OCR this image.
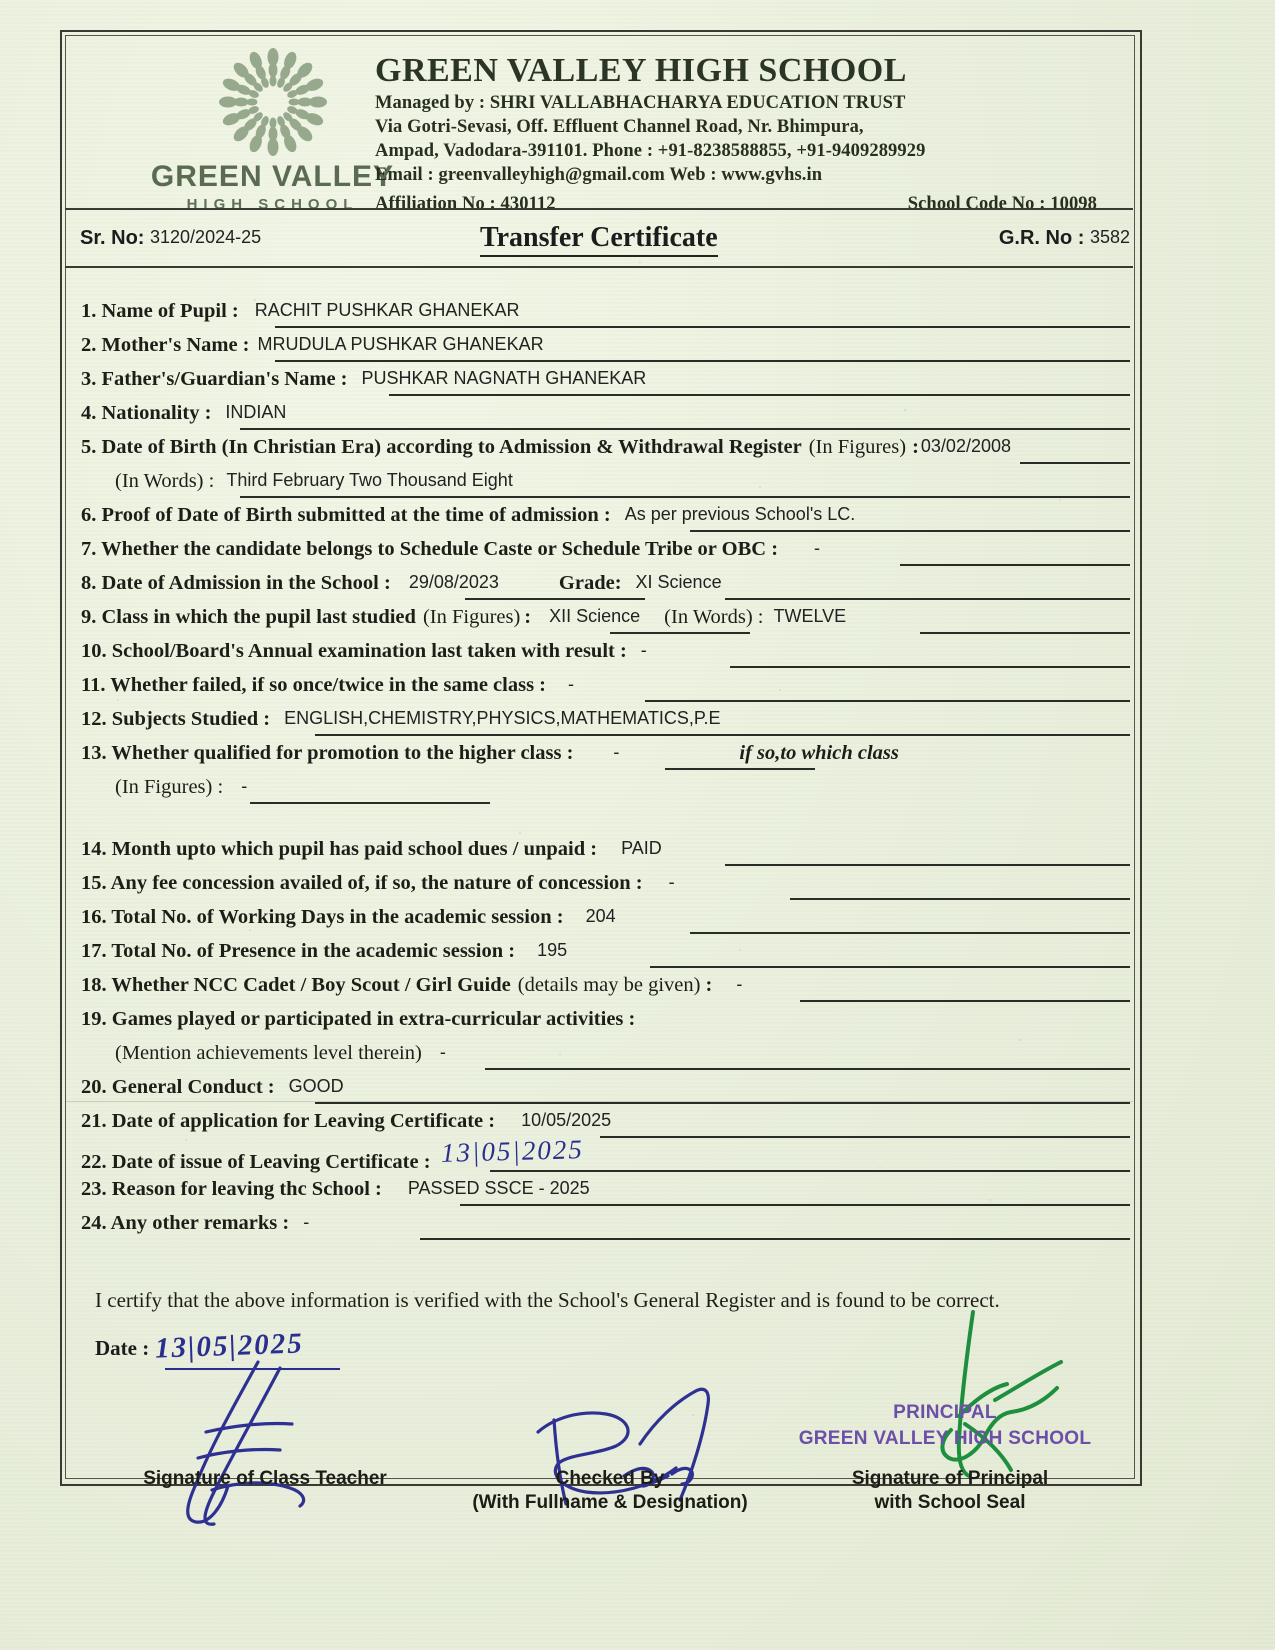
GREEN VALLEY
HIGH SCHOOL
GREEN VALLEY HIGH SCHOOL
Managed by : SHRI VALLABHACHARYA EDUCATION TRUST
Via Gotri-Sevasi, Off. Effluent Channel Road, Nr. Bhimpura,
Ampad, Vadodara-391101. Phone : +91-8238588855, +91-9409289929
Email : greenvalleyhigh@gmail.com Web : www.gvhs.in
Affiliation No : 430112	School Code No : 10098
Sr. No: 3120/2024-25	Transfer Certificate	G.R. No : 3582
1. Name of Pupil : RACHIT PUSHKAR GHANEKAR
2. Mother's Name : MRUDULA PUSHKAR GHANEKAR
3. Father's/Guardian's Name : PUSHKAR NAGNATH GHANEKAR
4. Nationality : INDIAN
5. Date of Birth (In Christian Era) according to Admission & Withdrawal Register (In Figures) : 03/02/2008
(In Words) : Third February Two Thousand Eight
6. Proof of Date of Birth submitted at the time of admission : As per previous School's LC.
7. Whether the candidate belongs to Schedule Caste or Schedule Tribe or OBC : -
8. Date of Admission in the School : 29/08/2023	Grade: XI Science
9. Class in which the pupil last studied (In Figures) : XII Science (In Words) : TWELVE
10. School/Board's Annual examination last taken with result : -
11. Whether failed, if so once/twice in the same class : -
12. Subjects Studied : ENGLISH,CHEMISTRY,PHYSICS,MATHEMATICS,P.E
13. Whether qualified for promotion to the higher class : -	if so,to which class
(In Figures) : -
14. Month upto which pupil has paid school dues / unpaid : PAID
15. Any fee concession availed of, if so, the nature of concession : -
16. Total No. of Working Days in the academic session : 204
17. Total No. of Presence in the academic session : 195
18. Whether NCC Cadet / Boy Scout / Girl Guide (details may be given) : -
19. Games played or participated in extra-curricular activities :
(Mention achievements level therein) -
20. General Conduct : GOOD
21. Date of application for Leaving Certificate : 10/05/2025
22. Date of issue of Leaving Certificate : 13|05|2025
23. Reason for leaving thc School : PASSED SSCE - 2025
24. Any other remarks : -
I certify that the above information is verified with the School's General Register and is found to be correct.
Date : 13|05|2025
PRINCIPAL
GREEN VALLEY HIGH SCHOOL
Signature of Class Teacher	Checked By
(With Fullname & Designation)
Signature of Principal
with School Seal
